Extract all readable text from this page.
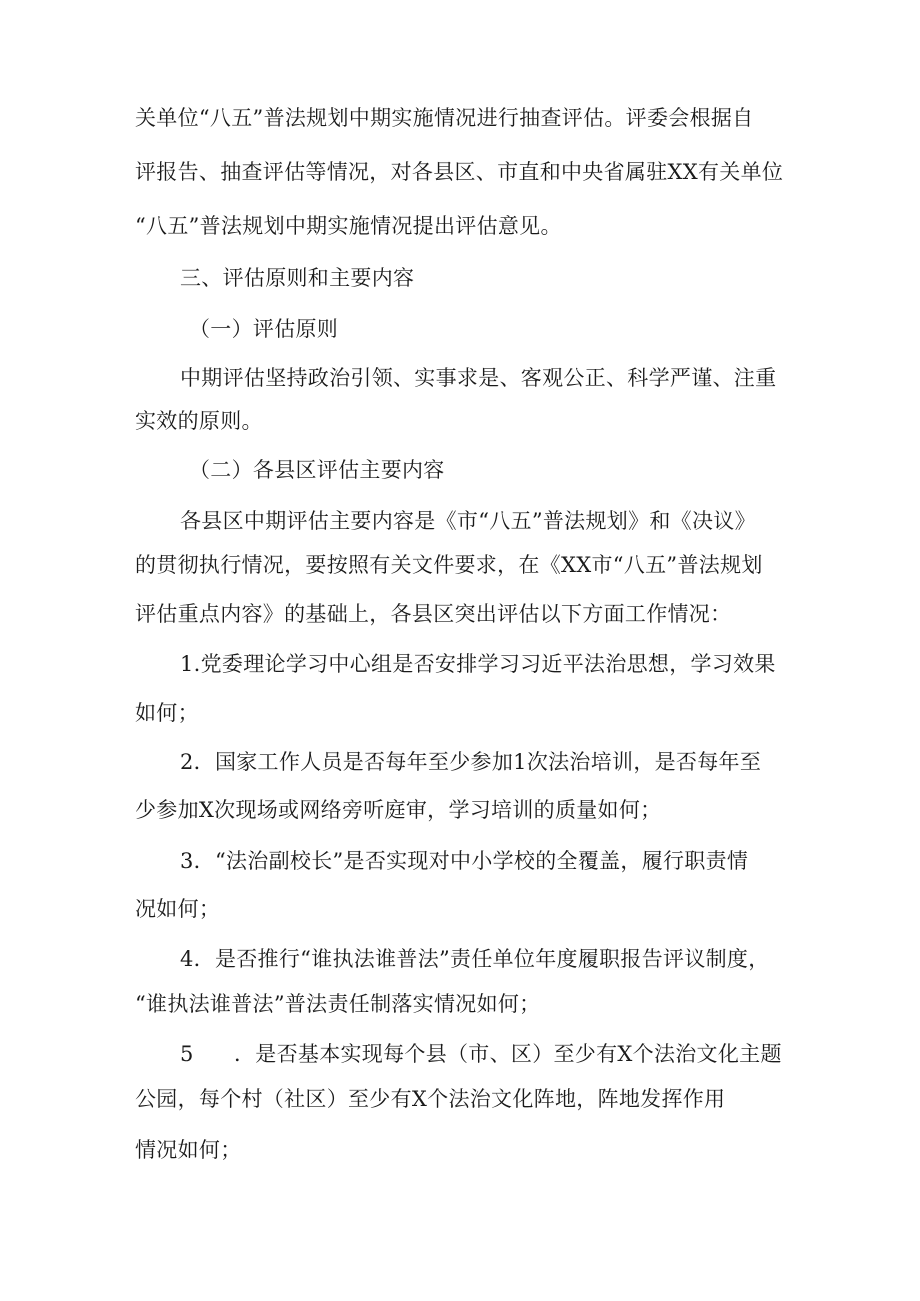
关单位“八五”普法规划中期实施情况进行抽查评估。评委会根据自
评报告、抽查评估等情况，对各县区、市直和中央省属驻XX有关单位
“八五”普法规划中期实施情况提出评估意见。
三、评估原则和主要内容
（一）评估原则
中期评估坚持政治引领、实事求是、客观公正、科学严谨、注重
实效的原则。
（二）各县区评估主要内容
各县区中期评估主要内容是《市“八五”普法规划》和《决议》
的贯彻执行情况，要按照有关文件要求，在《XX市“八五”普法规划
评估重点内容》的基础上，各县区突出评估以下方面工作情况：
1.党委理论学习中心组是否安排学习习近平法治思想，学习效果
如何；
2．国家工作人员是否每年至少参加1次法治培训，是否每年至
少参加X次现场或网络旁听庭审，学习培训的质量如何；
3．“法治副校长”是否实现对中小学校的全覆盖，履行职责情
况如何；
4．是否推行“谁执法谁普法”责任单位年度履职报告评议制度，
“谁执法谁普法”普法责任制落实情况如何；
5 ．是否基本实现每个县（市、区）至少有X个法治文化主题
公园，每个村（社区）至少有X个法治文化阵地，阵地发挥作用
情况如何；
